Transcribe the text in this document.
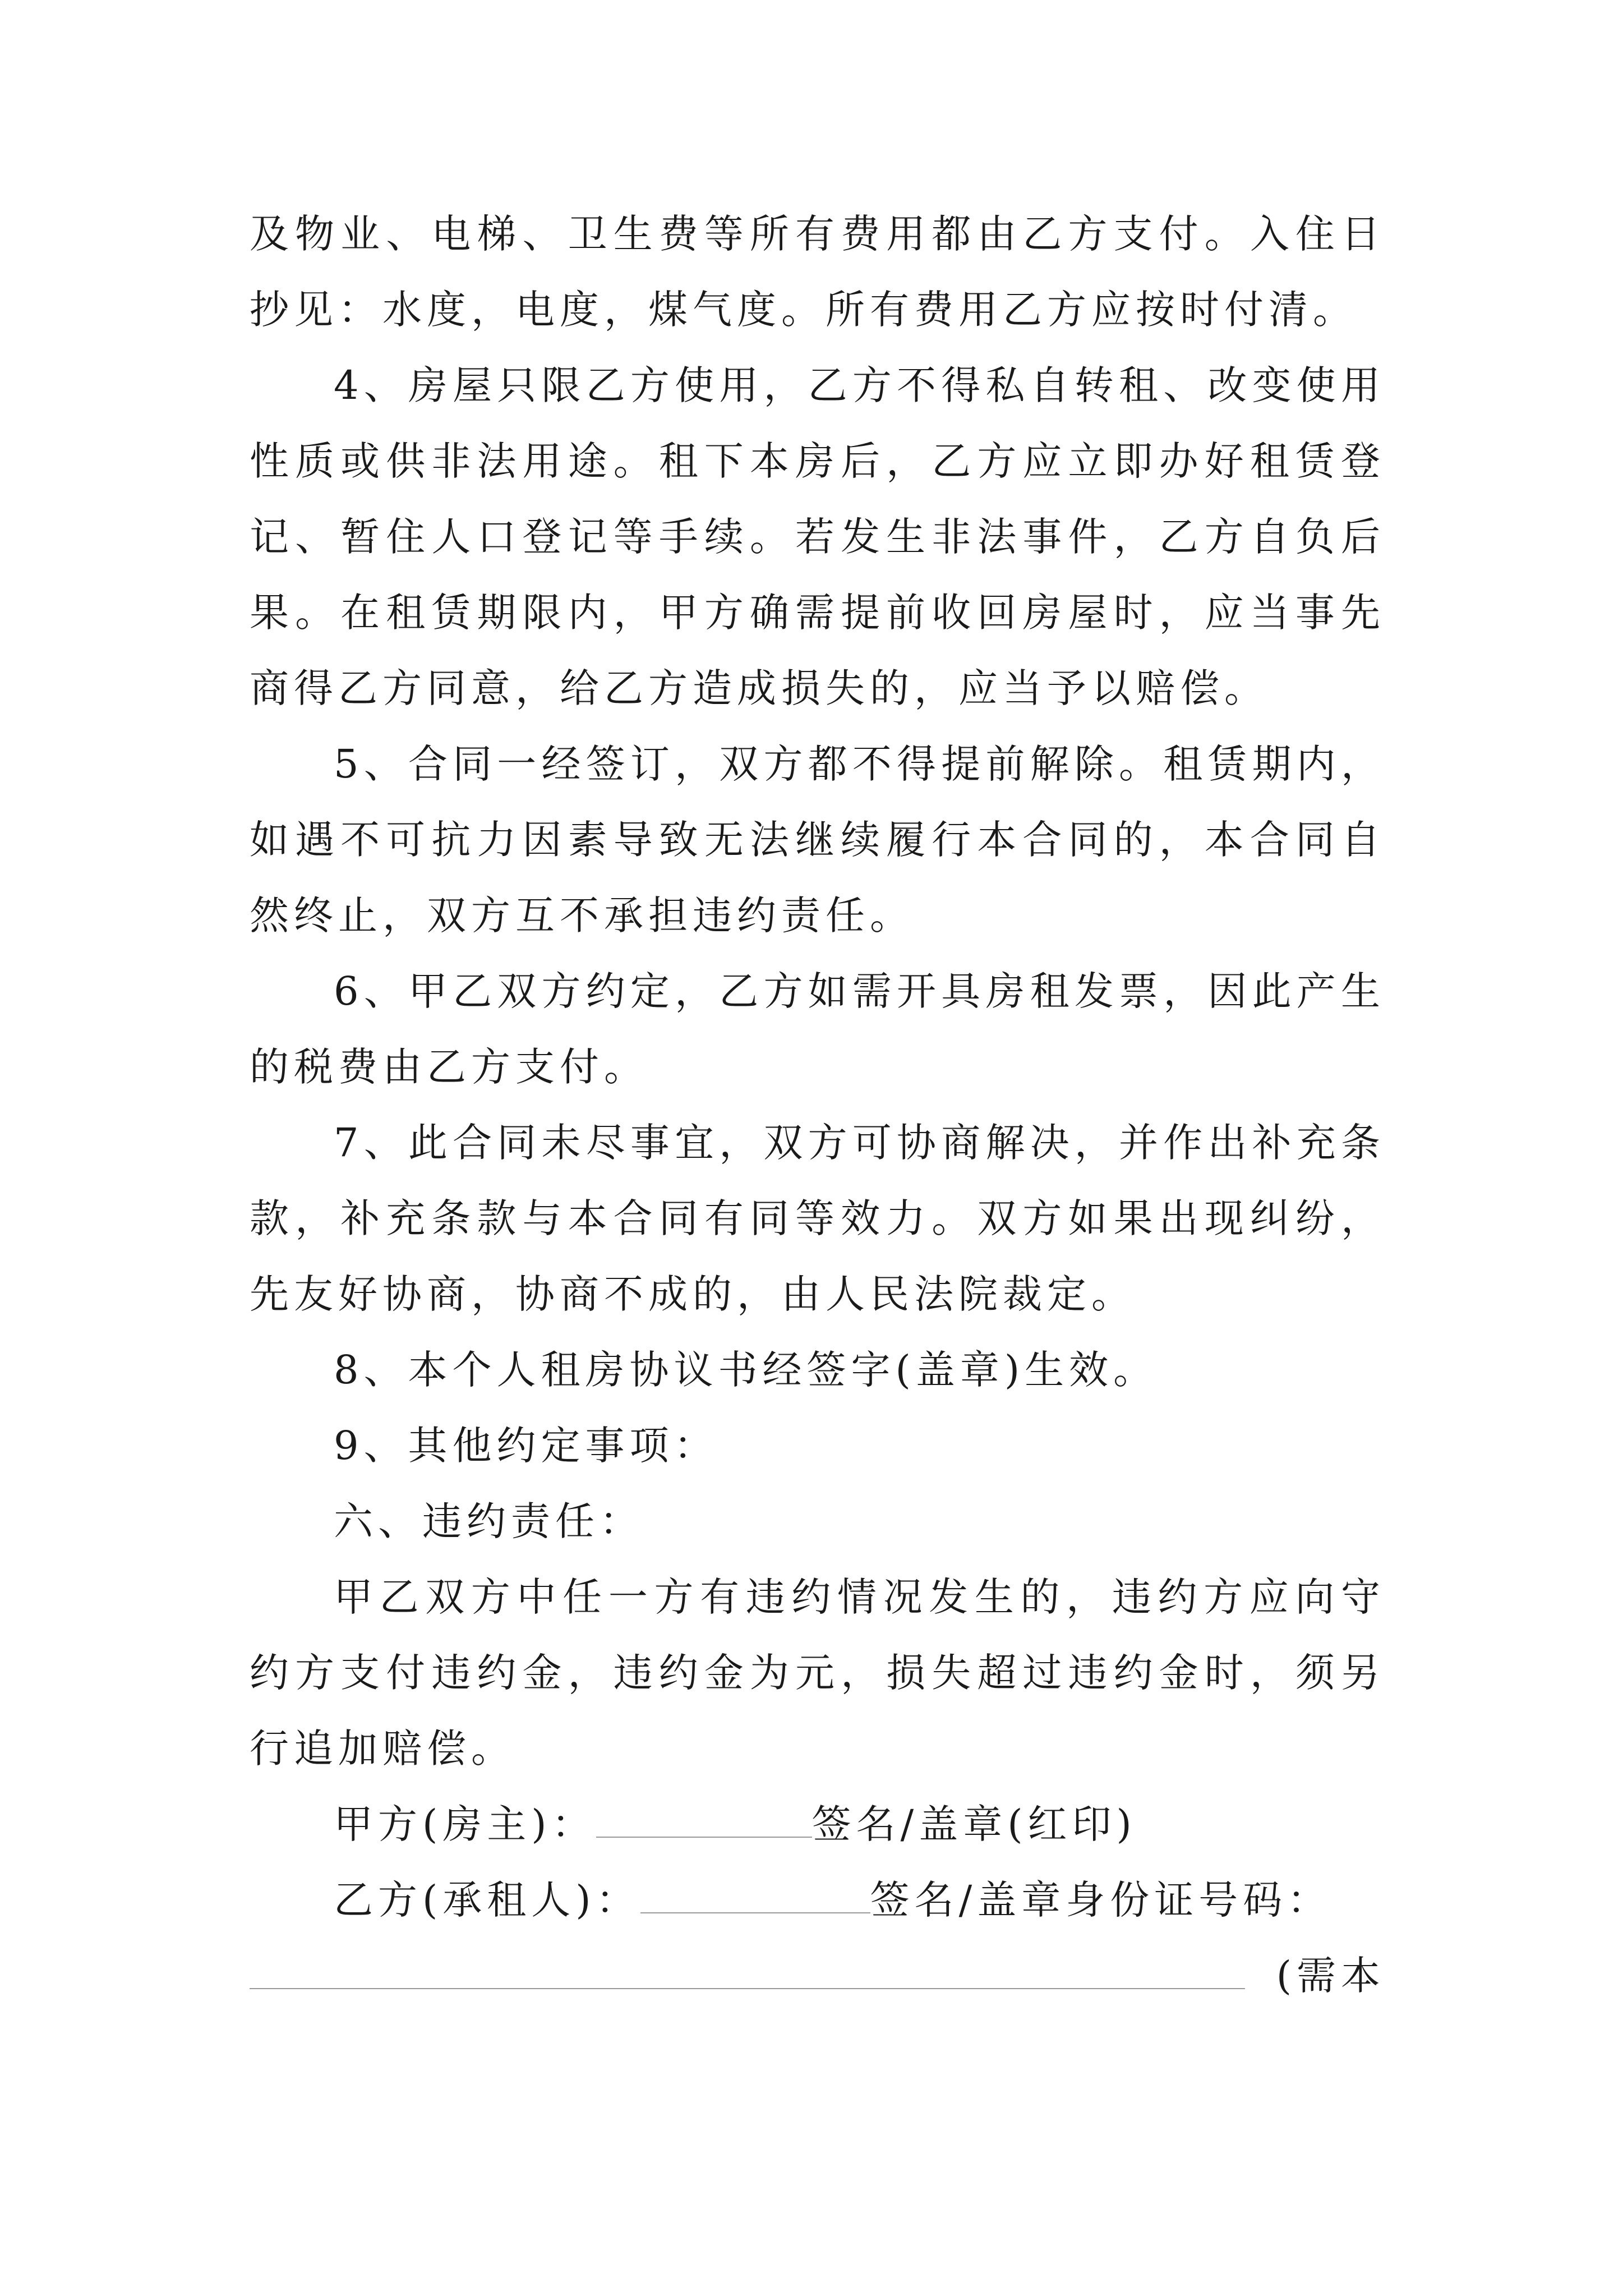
及物业、电梯、卫生费等所有费用都由乙方支付。入住日抄见：水度，电度，煤气度。所有费用乙方应按时付清。

4、房屋只限乙方使用，乙方不得私自转租、改变使用性质或供非法用途。租下本房后，乙方应立即办好租赁登记、暂住人口登记等手续。若发生非法事件，乙方自负后果。在租赁期限内，甲方确需提前收回房屋时，应当事先商得乙方同意，给乙方造成损失的，应当予以赔偿。

5、合同一经签订，双方都不得提前解除。租赁期内，如遇不可抗力因素导致无法继续履行本合同的，本合同自然终止，双方互不承担违约责任。

6、甲乙双方约定，乙方如需开具房租发票，因此产生的税费由乙方支付。

7、此合同未尽事宜，双方可协商解决，并作出补充条款，补充条款与本合同有同等效力。双方如果出现纠纷，先友好协商，协商不成的，由人民法院裁定。

8、本个人租房协议书经签字(盖章)生效。

9、其他约定事项：

六、违约责任：

甲乙双方中任一方有违约情况发生的，违约方应向守约方支付违约金，违约金为元，损失超过违约金时，须另行追加赔偿。

甲方(房主)：	签名/盖章(红印)

乙方(承租人)：	签名/盖章身份证号码：

(需本
